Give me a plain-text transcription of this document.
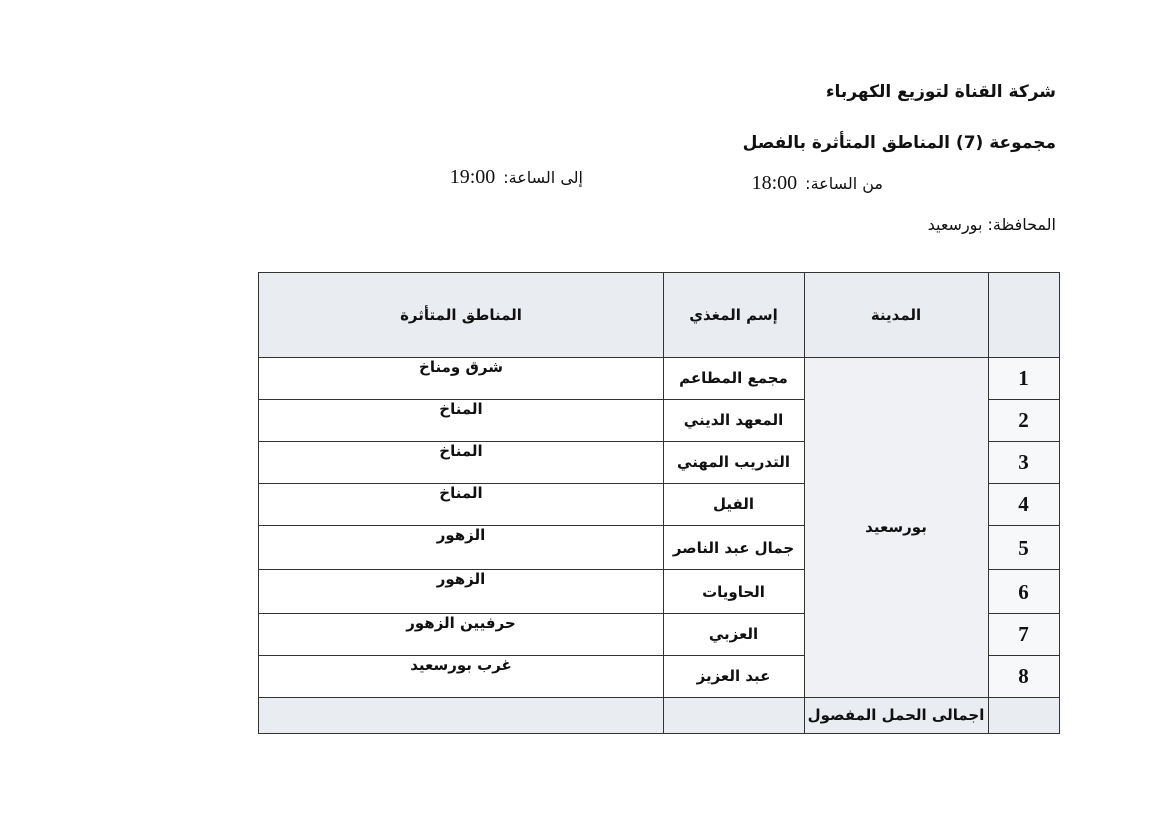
شركة القناة لتوزيع الكهرباء
مجموعة (7) المناطق المتأثرة بالفصل
من الساعة:18:00
إلى الساعة:19:00
المحافظة: بورسعيد
المدينة
إسم المغذي
المناطق المتأثرة
بورسعيد
1
مجمع المطاعم
شرق ومناخ
2
المعهد الديني
المناخ
3
التدريب المهني
المناخ
4
الفيل
المناخ
5
جمال عبد الناصر
الزهور
6
الحاويات
الزهور
7
العزبي
حرفيين الزهور
8
عبد العزيز
غرب بورسعيد
اجمالى الحمل المفصول
